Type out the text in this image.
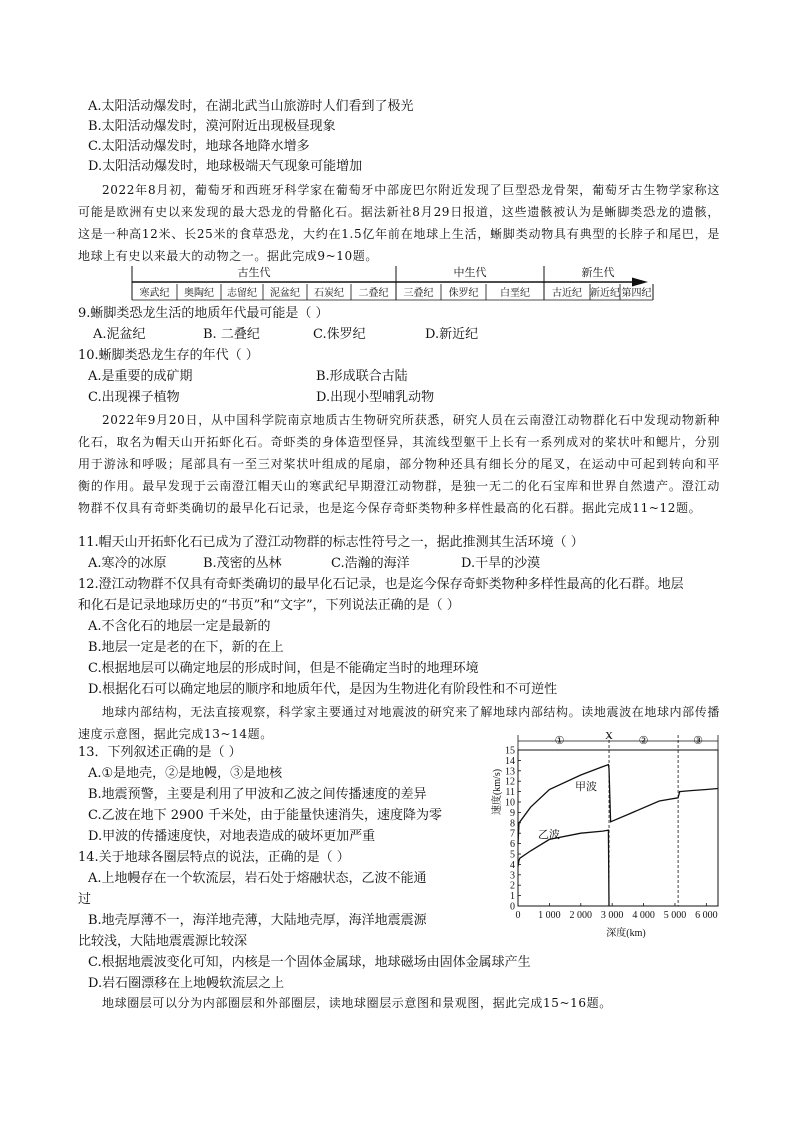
A.太阳活动爆发时，在湖北武当山旅游时人们看到了极光
B.太阳活动爆发时，漠河附近出现极昼现象
C.太阳活动爆发时，地球各地降水增多
D.太阳活动爆发时，地球极端天气现象可能增加
2022年8月初，葡萄牙和西班牙科学家在葡萄牙中部庞巴尔附近发现了巨型恐龙骨架，葡萄牙古生物学家称这可能是欧洲有史以来发现的最大恐龙的骨骼化石。据法新社8月29日报道，这些遗骸被认为是蜥脚类恐龙的遗骸，这是一种高12米、长25米的食草恐龙，大约在1.5亿年前在地球上生活，蜥脚类动物具有典型的长脖子和尾巴，是地球上有史以来最大的动物之一。据此完成9~10题。
古生代	中生代	新生代
寒武纪 奥陶纪 志留纪 泥盆纪 石炭纪 二叠纪 三叠纪 侏罗纪 白垩纪 古近纪 新近纪 第四纪
9.蜥脚类恐龙生活的地质年代最可能是（ ）
A.泥盆纪	B. 二叠纪	C.侏罗纪	D.新近纪
10.蜥脚类恐龙生存的年代（ ）
A.是重要的成矿期	B.形成联合古陆
C.出现裸子植物	D.出现小型哺乳动物
2022年9月20日，从中国科学院南京地质古生物研究所获悉，研究人员在云南澄江动物群化石中发现动物新种化石，取名为帽天山开拓虾化石。奇虾类的身体造型怪异，其流线型躯干上长有一系列成对的桨状叶和鳃片，分别用于游泳和呼吸；尾部具有一至三对桨状叶组成的尾扇，部分物种还具有细长分的尾叉，在运动中可起到转向和平衡的作用。最早发现于云南澄江帽天山的寒武纪早期澄江动物群，是独一无二的化石宝库和世界自然遗产。澄江动物群不仅具有奇虾类确切的最早化石记录，也是迄今保存奇虾类物种多样性最高的化石群。据此完成11~12题。
11.帽天山开拓虾化石已成为了澄江动物群的标志性符号之一，据此推测其生活环境（ ）
A.寒冷的冰原	B.茂密的丛林	C.浩瀚的海洋	D.干旱的沙漠
12.澄江动物群不仅具有奇虾类确切的最早化石记录，也是迄今保存奇虾类物种多样性最高的化石群。地层
和化石是记录地球历史的“书页”和“文字”，下列说法正确的是（ ）
A.不含化石的地层一定是最新的
B.地层一定是老的在下，新的在上
C.根据地层可以确定地层的形成时间，但是不能确定当时的地理环境
D.根据化石可以确定地层的顺序和地质年代，是因为生物进化有阶段性和不可逆性
地球内部结构，无法直接观察，科学家主要通过对地震波的研究来了解地球内部结构。读地震波在地球内部传播速度示意图，据此完成13~14题。
13．下列叙述正确的是（ ）
A.①是地壳，②是地幔，③是地核
B.地震预警，主要是利用了甲波和乙波之间传播速度的差异
C.乙波在地下 2900 千米处，由于能量快速消失，速度降为零
D.甲波的传播速度快，对地表造成的破坏更加严重
14.关于地球各圈层特点的说法，正确的是（ ）
A.上地幔存在一个软流层，岩石处于熔融状态，乙波不能通
过
B.地壳厚薄不一，海洋地壳薄，大陆地壳厚，海洋地震震源
比较浅，大陆地震震源比较深
C.根据地震波变化可知，内核是一个固体金属球，地球磁场由固体金属球产生
D.岩石圈漂移在上地幔软流层之上
地球圈层可以分为内部圈层和外部圈层，读地球圈层示意图和景观图，据此完成15~16题。
①	X ②	③
0
1
2
3
4
5
6
7
8
9
10
11
12
13
14
15
0 1 000 2 000 3 000 4 000 5 000 6 000
速度(km/s)
深度(km)
甲波
乙波
